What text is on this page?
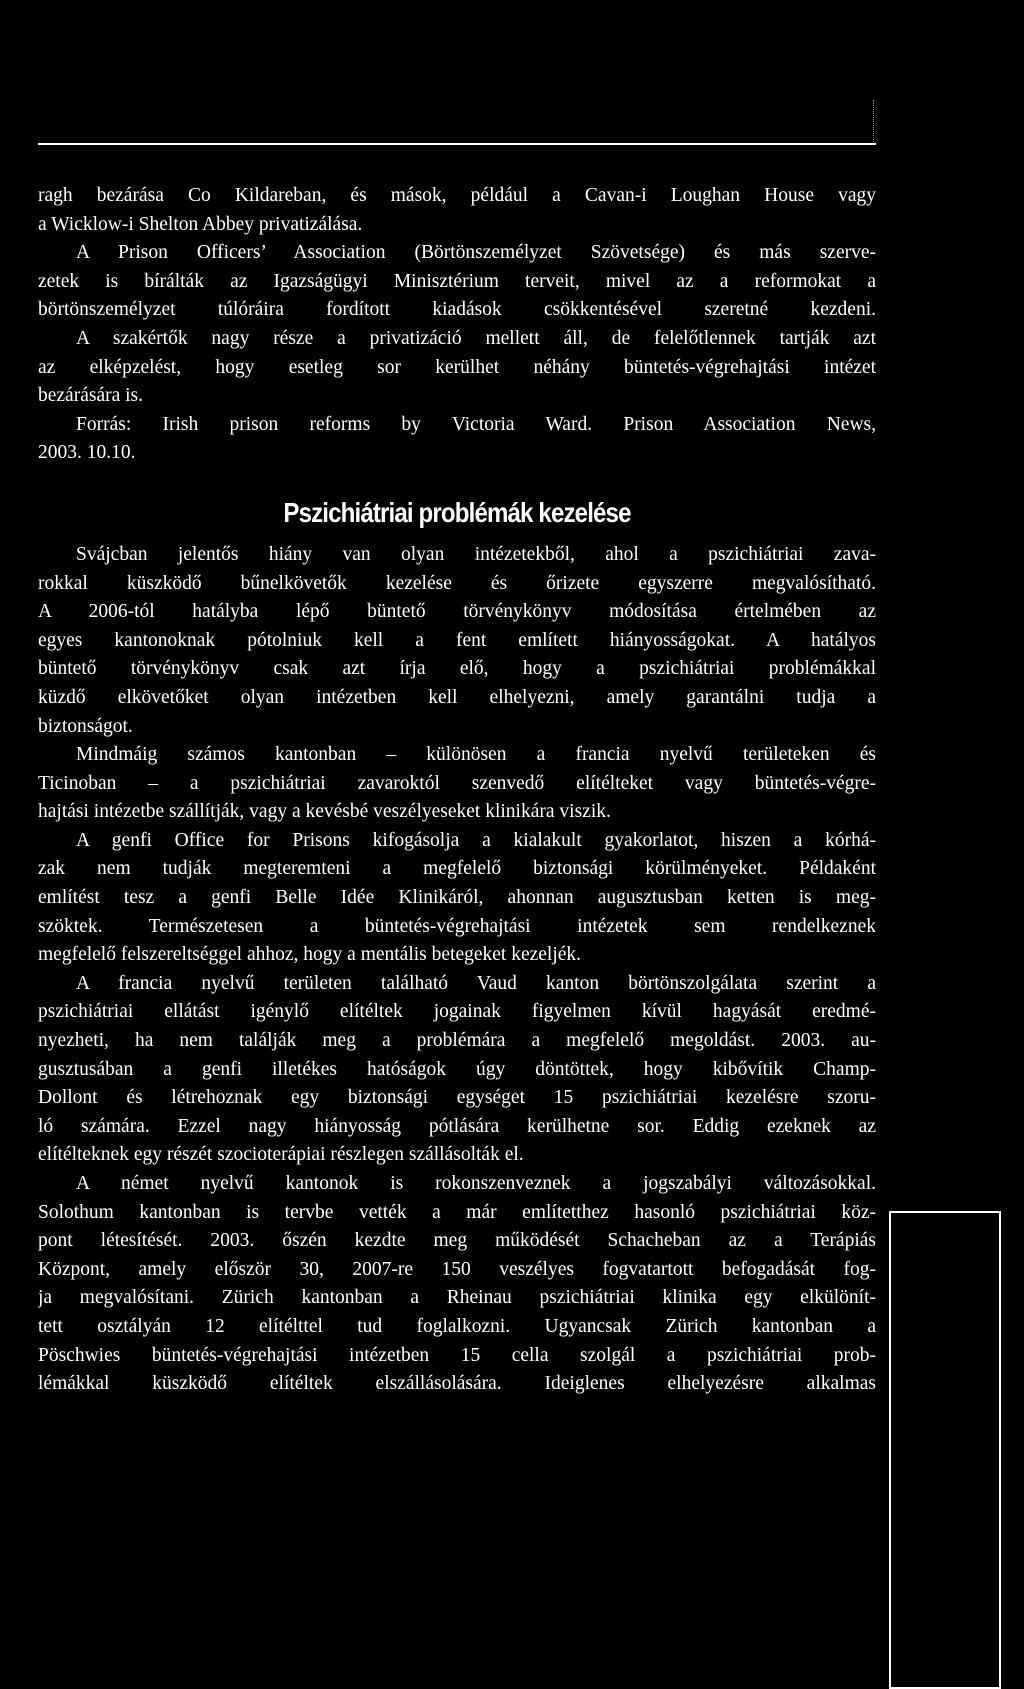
ragh bezárása Co Kildareban, és mások, például a Cavan-i Loughan House vagy
a Wicklow-i Shelton Abbey privatizálása.
A Prison Officers’ Association (Börtönszemélyzet Szövetsége) és más szerve-
zetek is bírálták az Igazságügyi Minisztérium terveit, mivel az a reformokat a
börtönszemélyzet túlóráira fordított kiadások csökkentésével szeretné kezdeni.
A szakértők nagy része a privatizáció mellett áll, de felelőtlennek tartják azt
az elképzelést, hogy esetleg sor kerülhet néhány büntetés-végrehajtási intézet
bezárására is.
Forrás: Irish prison reforms by Victoria Ward. Prison Association News,
2003. 10.10.
Pszichiátriai problémák kezelése
Svájcban jelentős hiány van olyan intézetekből, ahol a pszichiátriai zava-
rokkal küszködő bűnelkövetők kezelése és őrizete egyszerre megvalósítható.
A 2006-tól hatályba lépő büntető törvénykönyv módosítása értelmében az
egyes kantonoknak pótolniuk kell a fent említett hiányosságokat. A hatályos
büntető törvénykönyv csak azt írja elő, hogy a pszichiátriai problémákkal
küzdő elkövetőket olyan intézetben kell elhelyezni, amely garantálni tudja a
biztonságot.
Mindmáig számos kantonban – különösen a francia nyelvű területeken és
Ticinoban – a pszichiátriai zavaroktól szenvedő elítélteket vagy büntetés-végre-
hajtási intézetbe szállítják, vagy a kevésbé veszélyeseket klinikára viszik.
A genfi Office for Prisons kifogásolja a kialakult gyakorlatot, hiszen a kórhá-
zak nem tudják megteremteni a megfelelő biztonsági körülményeket. Példaként
említést tesz a genfi Belle Idée Klinikáról, ahonnan augusztusban ketten is meg-
szöktek. Természetesen a büntetés-végrehajtási intézetek sem rendelkeznek
megfelelő felszereltséggel ahhoz, hogy a mentális betegeket kezeljék.
A francia nyelvű területen található Vaud kanton börtönszolgálata szerint a
pszichiátriai ellátást igénylő elítéltek jogainak figyelmen kívül hagyását eredmé-
nyezheti, ha nem találják meg a problémára a megfelelő megoldást. 2003. au-
gusztusában a genfi illetékes hatóságok úgy döntöttek, hogy kibővítik Champ-
Dollont és létrehoznak egy biztonsági egységet 15 pszichiátriai kezelésre szoru-
ló számára. Ezzel nagy hiányosság pótlására kerülhetne sor. Eddig ezeknek az
elítélteknek egy részét szocioterápiai részlegen szállásolták el.
A német nyelvű kantonok is rokonszenveznek a jogszabályi változásokkal.
Solothum kantonban is tervbe vették a már említetthez hasonló pszichiátriai köz-
pont létesítését. 2003. őszén kezdte meg működését Schacheban az a Terápiás
Központ, amely először 30, 2007-re 150 veszélyes fogvatartott befogadását fog-
ja megvalósítani. Zürich kantonban a Rheinau pszichiátriai klinika egy elkülönít-
tett osztályán 12 elítélttel tud foglalkozni. Ugyancsak Zürich kantonban a
Pöschwies büntetés-végrehajtási intézetben 15 cella szolgál a pszichiátriai prob-
lémákkal küszködő elítéltek elszállásolására. Ideiglenes elhelyezésre alkalmas
